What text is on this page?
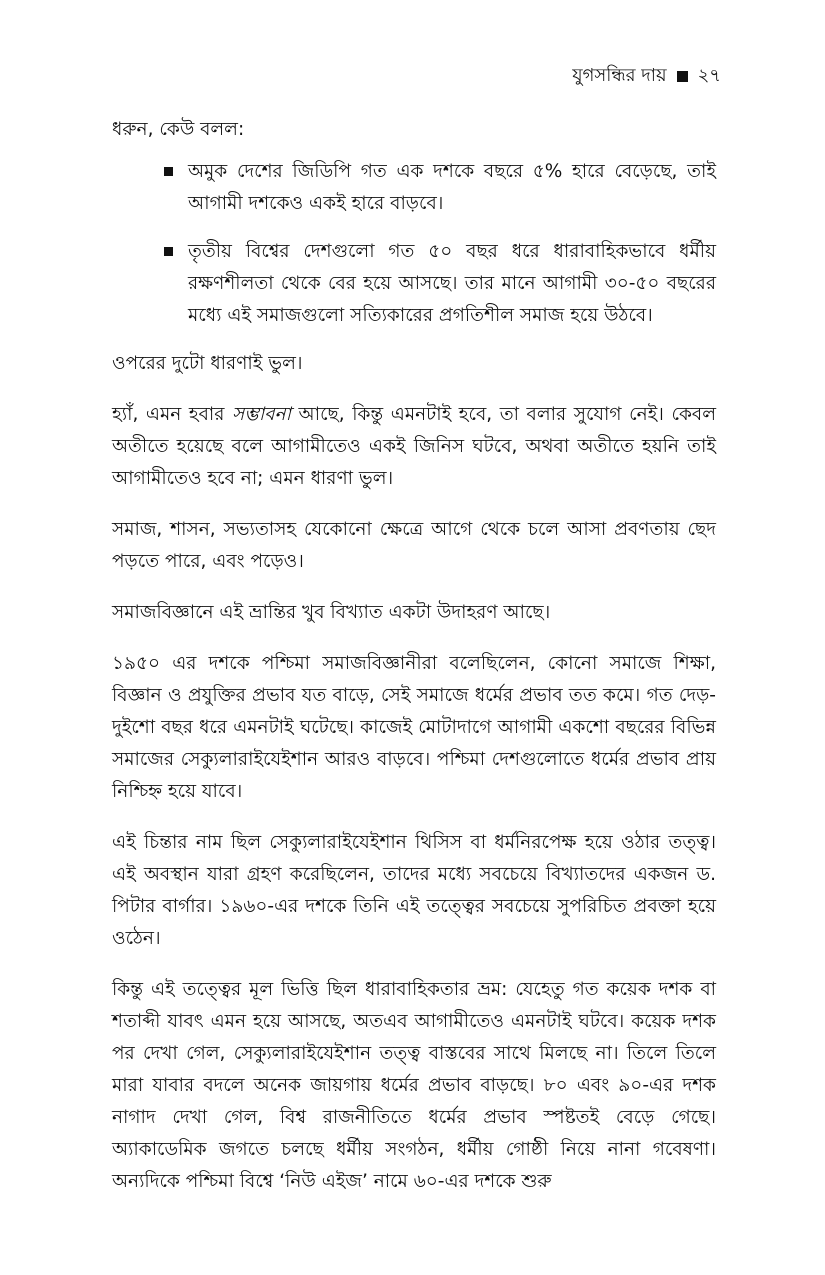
যুগসন্ধির দায় ২৭

ধরুন, কেউ বলল:

অমুক দেশের জিডিপি গত এক দশকে বছরে ৫% হারে বেড়েছে, তাই আগামী দশকেও একই হারে বাড়বে।
তৃতীয় বিশ্বের দেশগুলো গত ৫০ বছর ধরে ধারাবাহিকভাবে ধর্মীয় রক্ষণশীলতা থেকে বের হয়ে আসছে। তার মানে আগামী ৩০-৫০ বছরের মধ্যে এই সমাজগুলো সত্যিকারের প্রগতিশীল সমাজ হয়ে উঠবে।

ওপরের দুটো ধারণাই ভুল।

হ্যাঁ, এমন হবার সম্ভাবনা আছে, কিন্তু এমনটাই হবে, তা বলার সুযোগ নেই। কেবল অতীতে হয়েছে বলে আগামীতেও একই জিনিস ঘটবে, অথবা অতীতে হয়নি তাই আগামীতেও হবে না; এমন ধারণা ভুল।

সমাজ, শাসন, সভ্যতাসহ যেকোনো ক্ষেত্রে আগে থেকে চলে আসা প্রবণতায় ছেদ পড়তে পারে, এবং পড়েও।

সমাজবিজ্ঞানে এই ভ্রান্তির খুব বিখ্যাত একটা উদাহরণ আছে।

১৯৫০ এর দশকে পশ্চিমা সমাজবিজ্ঞানীরা বলেছিলেন, কোনো সমাজে শিক্ষা, বিজ্ঞান ও প্রযুক্তির প্রভাব যত বাড়ে, সেই সমাজে ধর্মের প্রভাব তত কমে। গত দেড়-দুইশো বছর ধরে এমনটাই ঘটেছে। কাজেই মোটাদাগে আগামী একশো বছরের বিভিন্ন সমাজের সেক্যুলারাইযেইশান আরও বাড়বে। পশ্চিমা দেশগুলোতে ধর্মের প্রভাব প্রায় নিশ্চিহ্ন হয়ে যাবে।

এই চিন্তার নাম ছিল সেক্যুলারাইযেইশান থিসিস বা ধর্মনিরপেক্ষ হয়ে ওঠার তত্ত্ব। এই অবস্থান যারা গ্রহণ করেছিলেন, তাদের মধ্যে সবচেয়ে বিখ্যাতদের একজন ড. পিটার বার্গার। ১৯৬০-এর দশকে তিনি এই তত্ত্বের সবচেয়ে সুপরিচিত প্রবক্তা হয়ে ওঠেন।

কিন্তু এই তত্ত্বের মূল ভিত্তি ছিল ধারাবাহিকতার ভ্রম: যেহেতু গত কয়েক দশক বা শতাব্দী যাবৎ এমন হয়ে আসছে, অতএব আগামীতেও এমনটাই ঘটবে। কয়েক দশক পর দেখা গেল, সেক্যুলারাইযেইশান তত্ত্ব বাস্তবের সাথে মিলছে না। তিলে তিলে মারা যাবার বদলে অনেক জায়গায় ধর্মের প্রভাব বাড়ছে। ৮০ এবং ৯০-এর দশক নাগাদ দেখা গেল, বিশ্ব রাজনীতিতে ধর্মের প্রভাব স্পষ্টতই বেড়ে গেছে। অ্যাকাডেমিক জগতে চলছে ধর্মীয় সংগঠন, ধর্মীয় গোষ্ঠী নিয়ে নানা গবেষণা। অন্যদিকে পশ্চিমা বিশ্বে ‘নিউ এইজ’ নামে ৬০-এর দশকে শুরু
